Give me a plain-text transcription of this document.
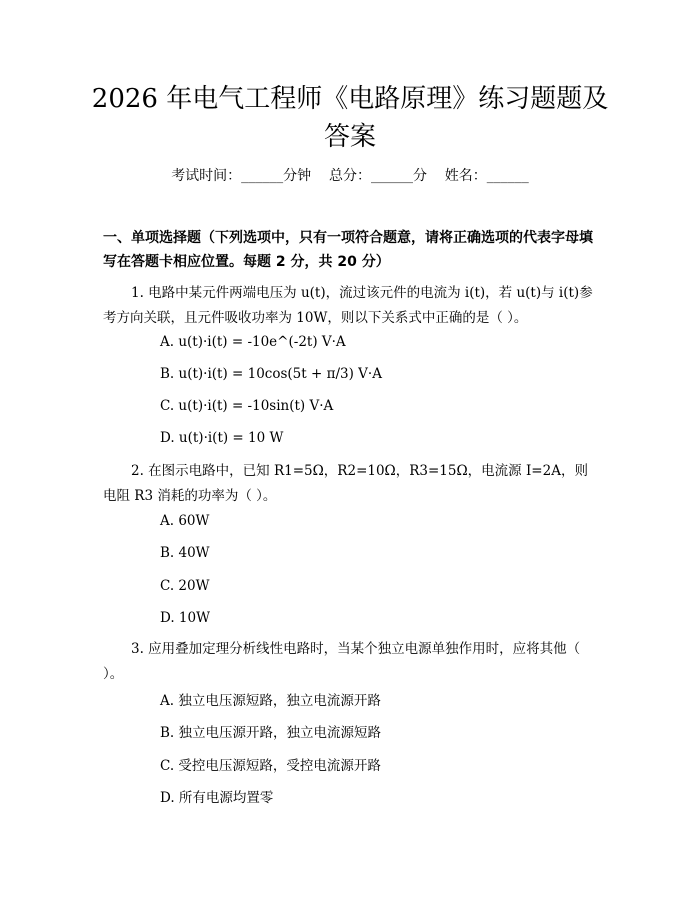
2026 年电气工程师《电路原理》练习题题及答案
考试时间：______分钟    总分：______分    姓名：______
一、单项选择题（下列选项中，只有一项符合题意，请将正确选项的代表字母填写在答题卡相应位置。每题 2 分，共 20 分）

1. 电路中某元件两端电压为 u(t)，流过该元件的电流为 i(t)，若 u(t)与 i(t)参考方向关联，且元件吸收功率为 10W，则以下关系式中正确的是（ ）。

A. u(t)·i(t) = -10e^(-2t) V·A

B. u(t)·i(t) = 10cos(5t + π/3) V·A

C. u(t)·i(t) = -10sin(t) V·A

D. u(t)·i(t) = 10 W

2. 在图示电路中，已知 R1=5Ω，R2=10Ω，R3=15Ω，电流源 I=2A，则电阻 R3 消耗的功率为（ ）。

A. 60W

B. 40W

C. 20W

D. 10W

3. 应用叠加定理分析线性电路时，当某个独立电源单独作用时，应将其他（ ）。

A. 独立电压源短路，独立电流源开路

B. 独立电压源开路，独立电流源短路

C. 受控电压源短路，受控电流源开路

D. 所有电源均置零
